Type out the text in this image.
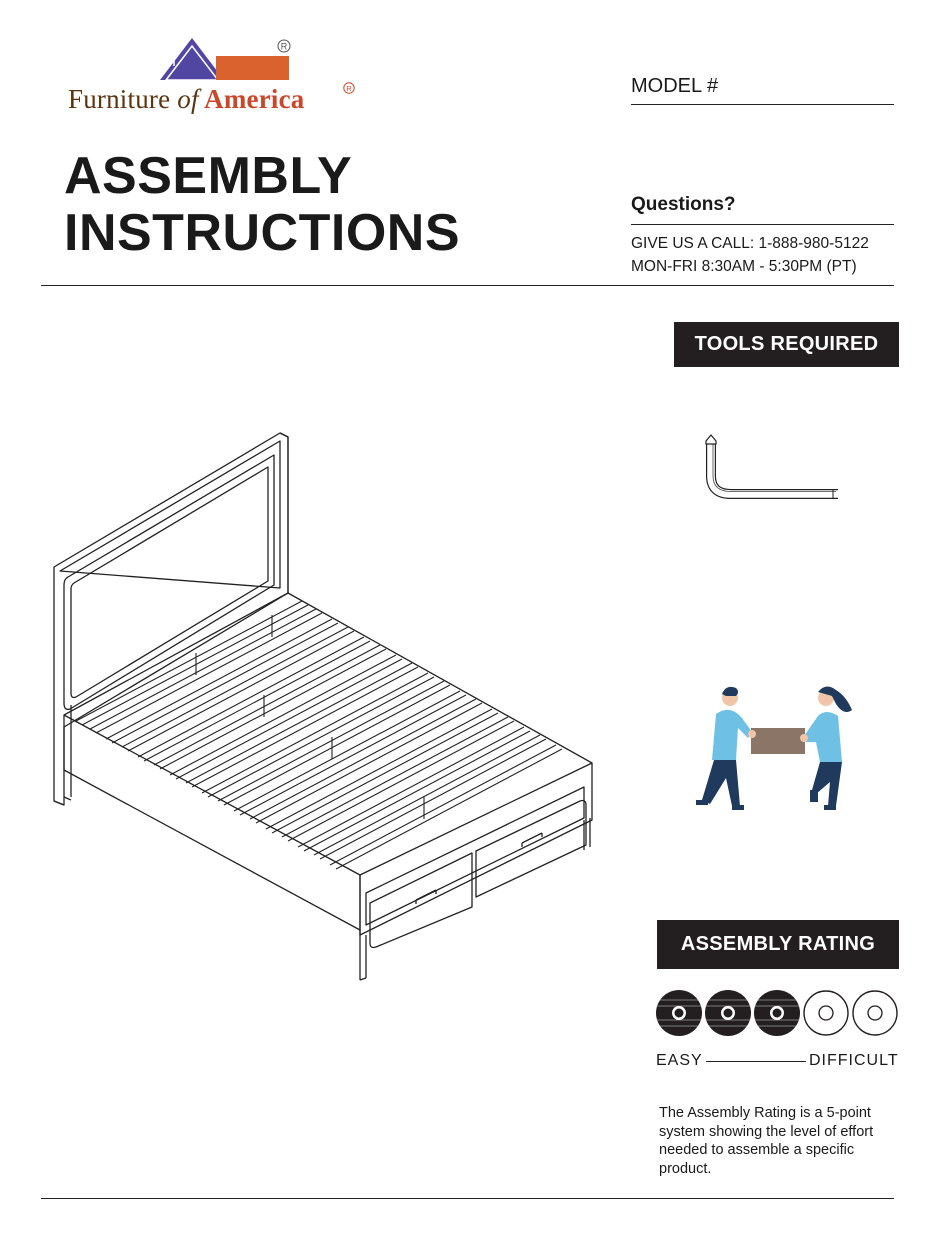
R
Furniture of America	R
ASSEMBLY
INSTRUCTIONS
MODEL #
Questions?
GIVE US A CALL: 1-888-980-5122
MON-FRI 8:30AM - 5:30PM (PT)
TOOLS REQUIRED
ASSEMBLY RATING
EASY	DIFFICULT
The Assembly Rating is a 5-point system showing the level of effort needed to assemble a specific product.
